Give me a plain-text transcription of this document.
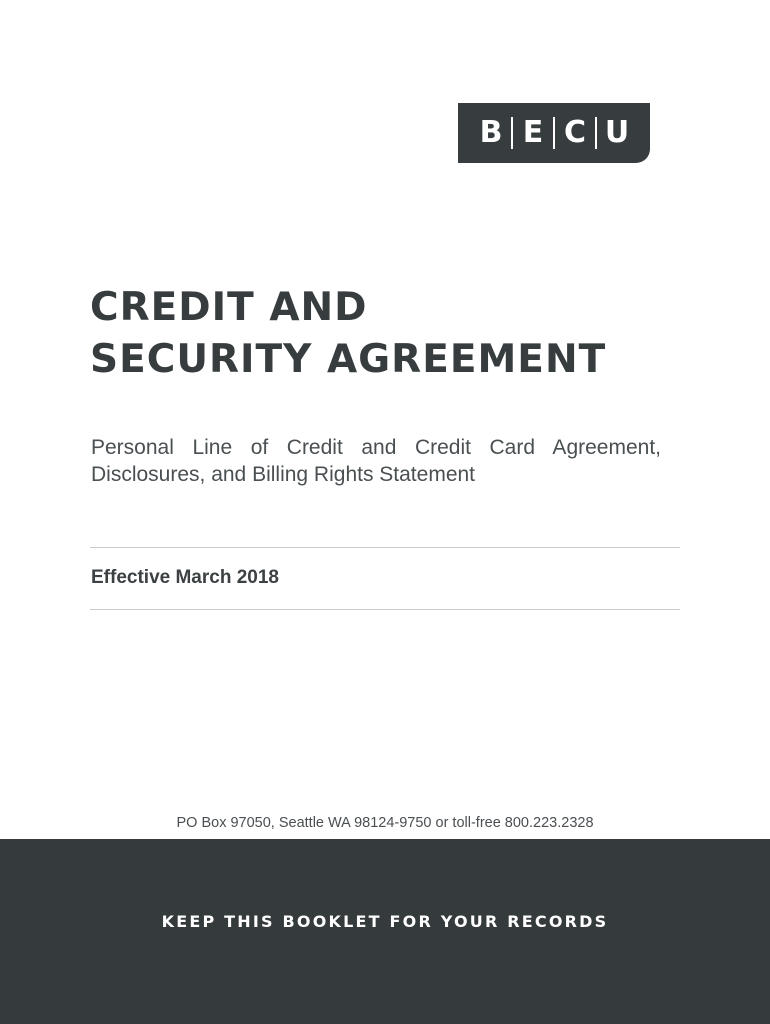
B E C U
CREDIT AND
SECURITY AGREEMENT

Personal Line of Credit and Credit Card Agreement,
Disclosures, and Billing Rights Statement

Effective March 2018

PO Box 97050, Seattle WA 98124-9750 or toll-free 800.223.2328
KEEP THIS BOOKLET FOR YOUR RECORDS
